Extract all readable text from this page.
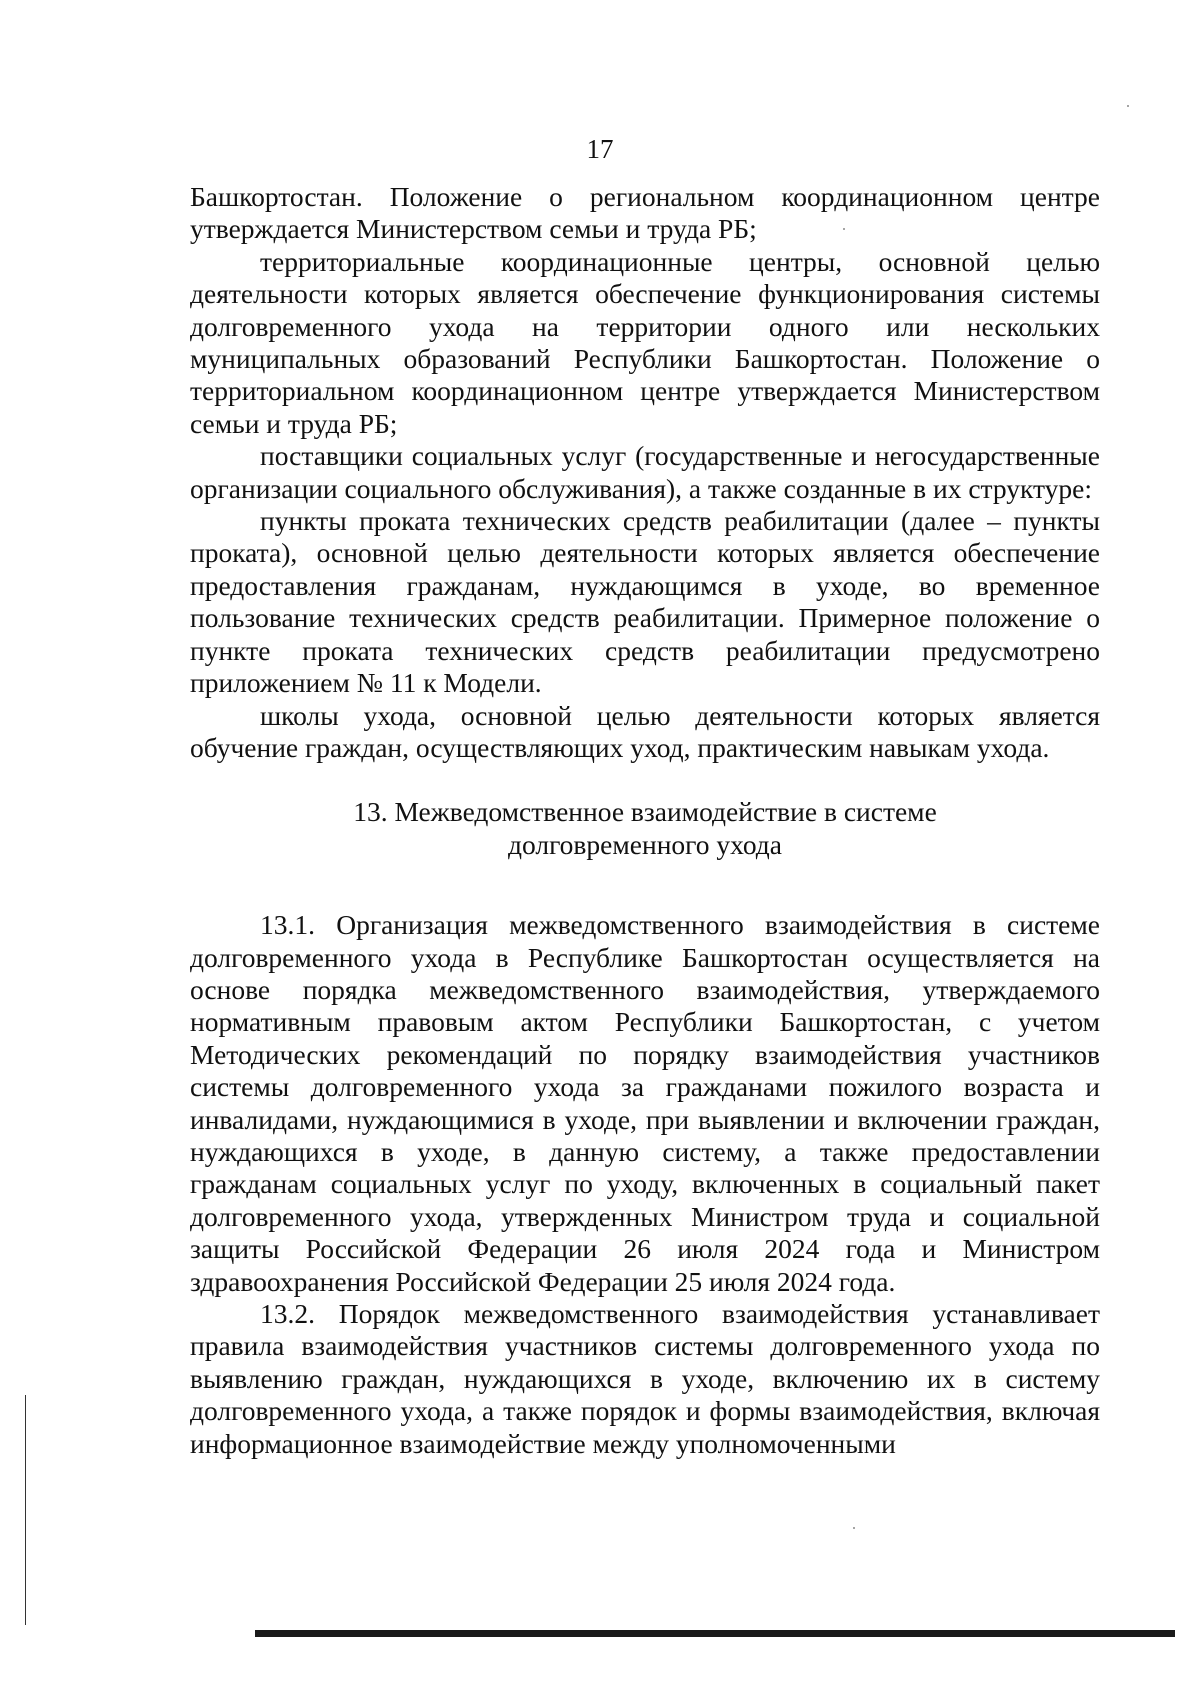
17

Башкортостан. Положение о региональном координационном центре утверждается Министерством семьи и труда РБ;

территориальные координационные центры, основной целью деятельности которых является обеспечение функционирования системы долговременного ухода на территории одного или нескольких муниципальных образований Республики Башкортостан. Положение о территориальном координационном центре утверждается Министерством семьи и труда РБ;

поставщики социальных услуг (государственные и негосударственные организации социального обслуживания), а также созданные в их структуре:

пункты проката технических средств реабилитации (далее – пункты проката), основной целью деятельности которых является обеспечение предоставления гражданам, нуждающимся в уходе, во временное пользование технических средств реабилитации. Примерное положение о пункте проката технических средств реабилитации предусмотрено приложением № 11 к Модели.

школы ухода, основной целью деятельности которых является обучение граждан, осуществляющих уход, практическим навыкам ухода.

13. Межведомственное взаимодействие в системе
долговременного ухода

13.1. Организация межведомственного взаимодействия в системе долговременного ухода в Республике Башкортостан осуществляется на основе порядка межведомственного взаимодействия, утверждаемого нормативным правовым актом Республики Башкортостан, с учетом Методических рекомендаций по порядку взаимодействия участников системы долговременного ухода за гражданами пожилого возраста и инвалидами, нуждающимися в уходе, при выявлении и включении граждан, нуждающихся в уходе, в данную систему, а также предоставлении гражданам социальных услуг по уходу, включенных в социальный пакет долговременного ухода, утвержденных Министром труда и социальной защиты Российской Федерации 26 июля 2024 года и Министром здравоохранения Российской Федерации 25 июля 2024 года.

13.2. Порядок межведомственного взаимодействия устанавливает правила взаимодействия участников системы долговременного ухода по выявлению граждан, нуждающихся в уходе, включению их в систему долговременного ухода, а также порядок и формы взаимодействия, включая информационное взаимодействие между уполномоченными
